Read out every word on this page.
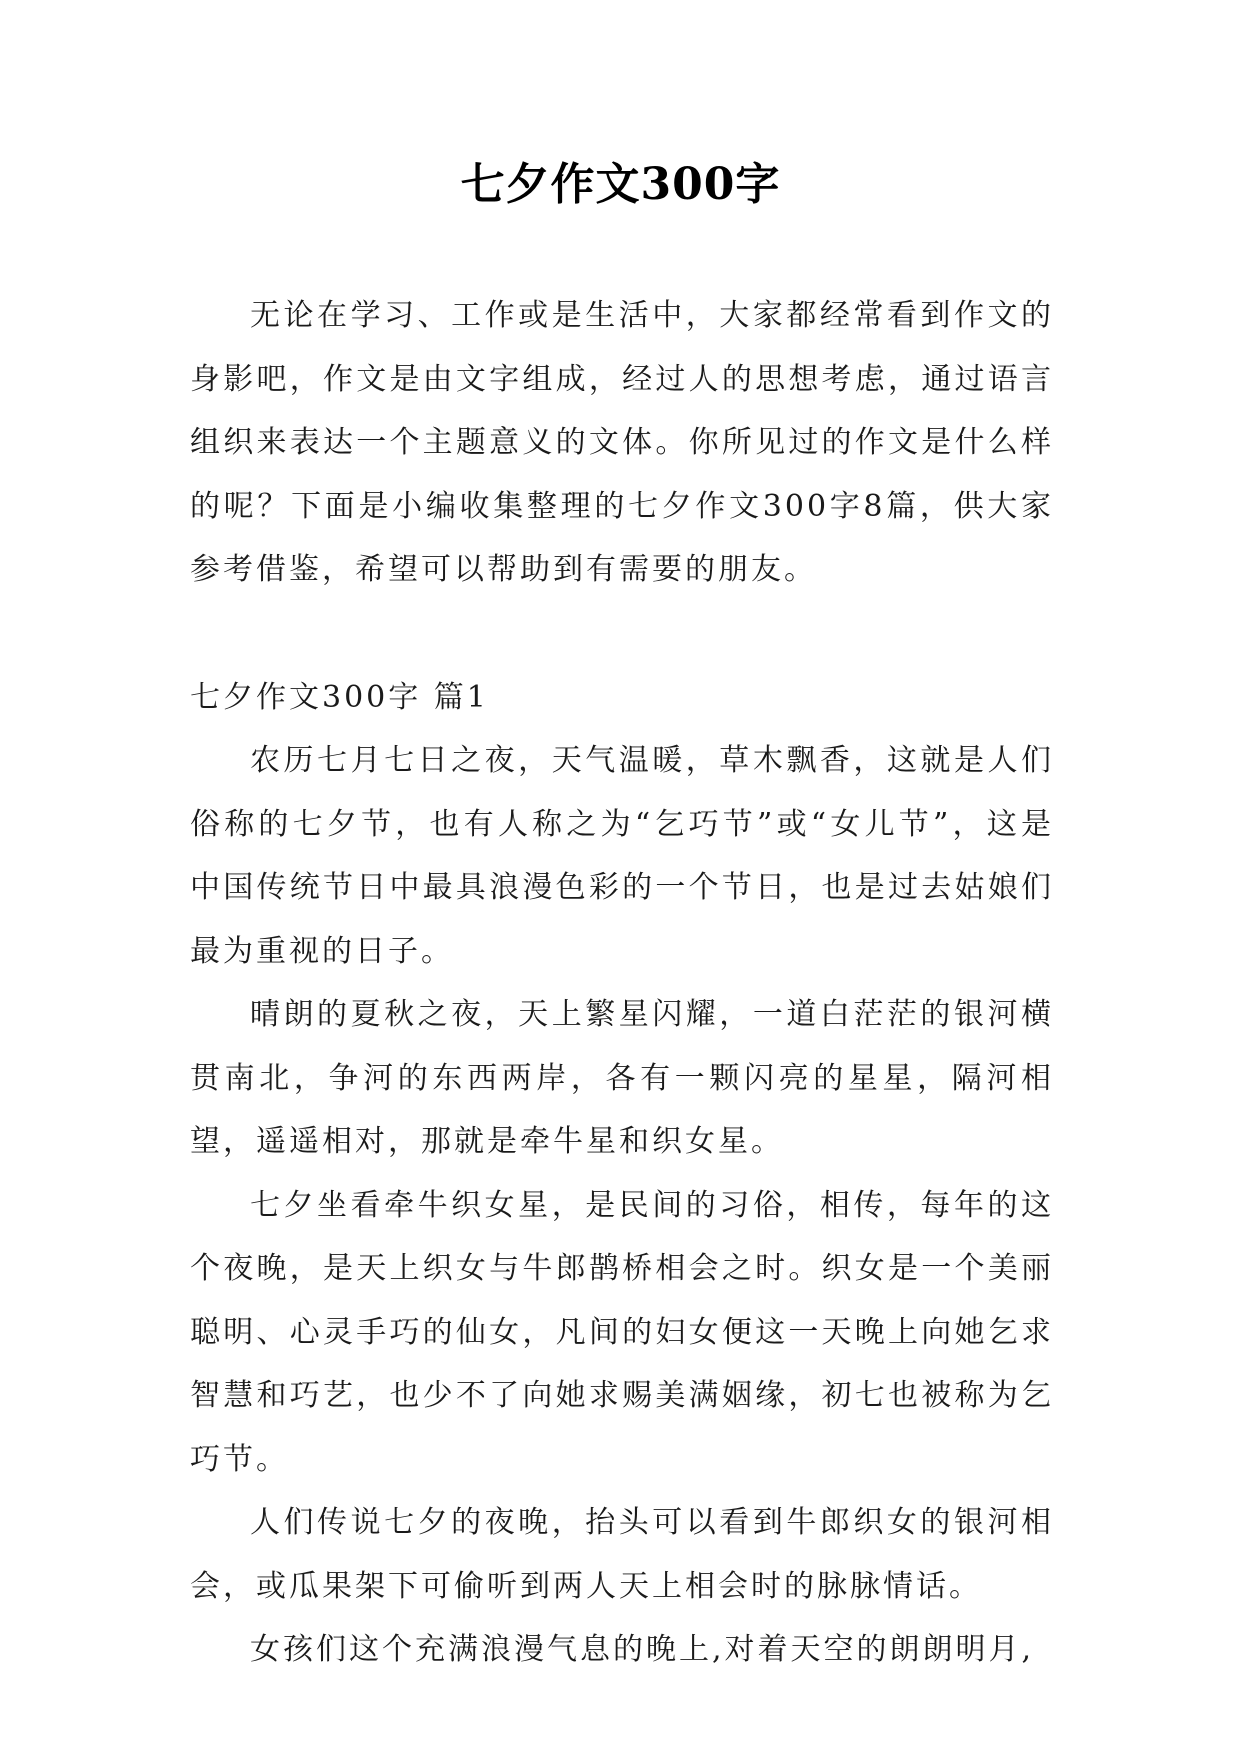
七夕作文300字

无论在学习、工作或是生活中，大家都经常看到作文的身影吧，作文是由文字组成，经过人的思想考虑，通过语言组织来表达一个主题意义的文体。你所见过的作文是什么样的呢？下面是小编收集整理的七夕作文300字8篇，供大家参考借鉴，希望可以帮助到有需要的朋友。

七夕作文300字 篇1

农历七月七日之夜，天气温暖，草木飘香，这就是人们俗称的七夕节，也有人称之为“乞巧节”或“女儿节”，这是中国传统节日中最具浪漫色彩的一个节日，也是过去姑娘们最为重视的日子。

晴朗的夏秋之夜，天上繁星闪耀，一道白茫茫的银河横贯南北，争河的东西两岸，各有一颗闪亮的星星，隔河相望，遥遥相对，那就是牵牛星和织女星。

七夕坐看牵牛织女星，是民间的习俗，相传，每年的这个夜晚，是天上织女与牛郎鹊桥相会之时。织女是一个美丽聪明、心灵手巧的仙女，凡间的妇女便这一天晚上向她乞求智慧和巧艺，也少不了向她求赐美满姻缘，初七也被称为乞巧节。

人们传说七夕的夜晚，抬头可以看到牛郎织女的银河相会，或瓜果架下可偷听到两人天上相会时的脉脉情话。

女孩们这个充满浪漫气息的晚上,对着天空的朗朗明月,
